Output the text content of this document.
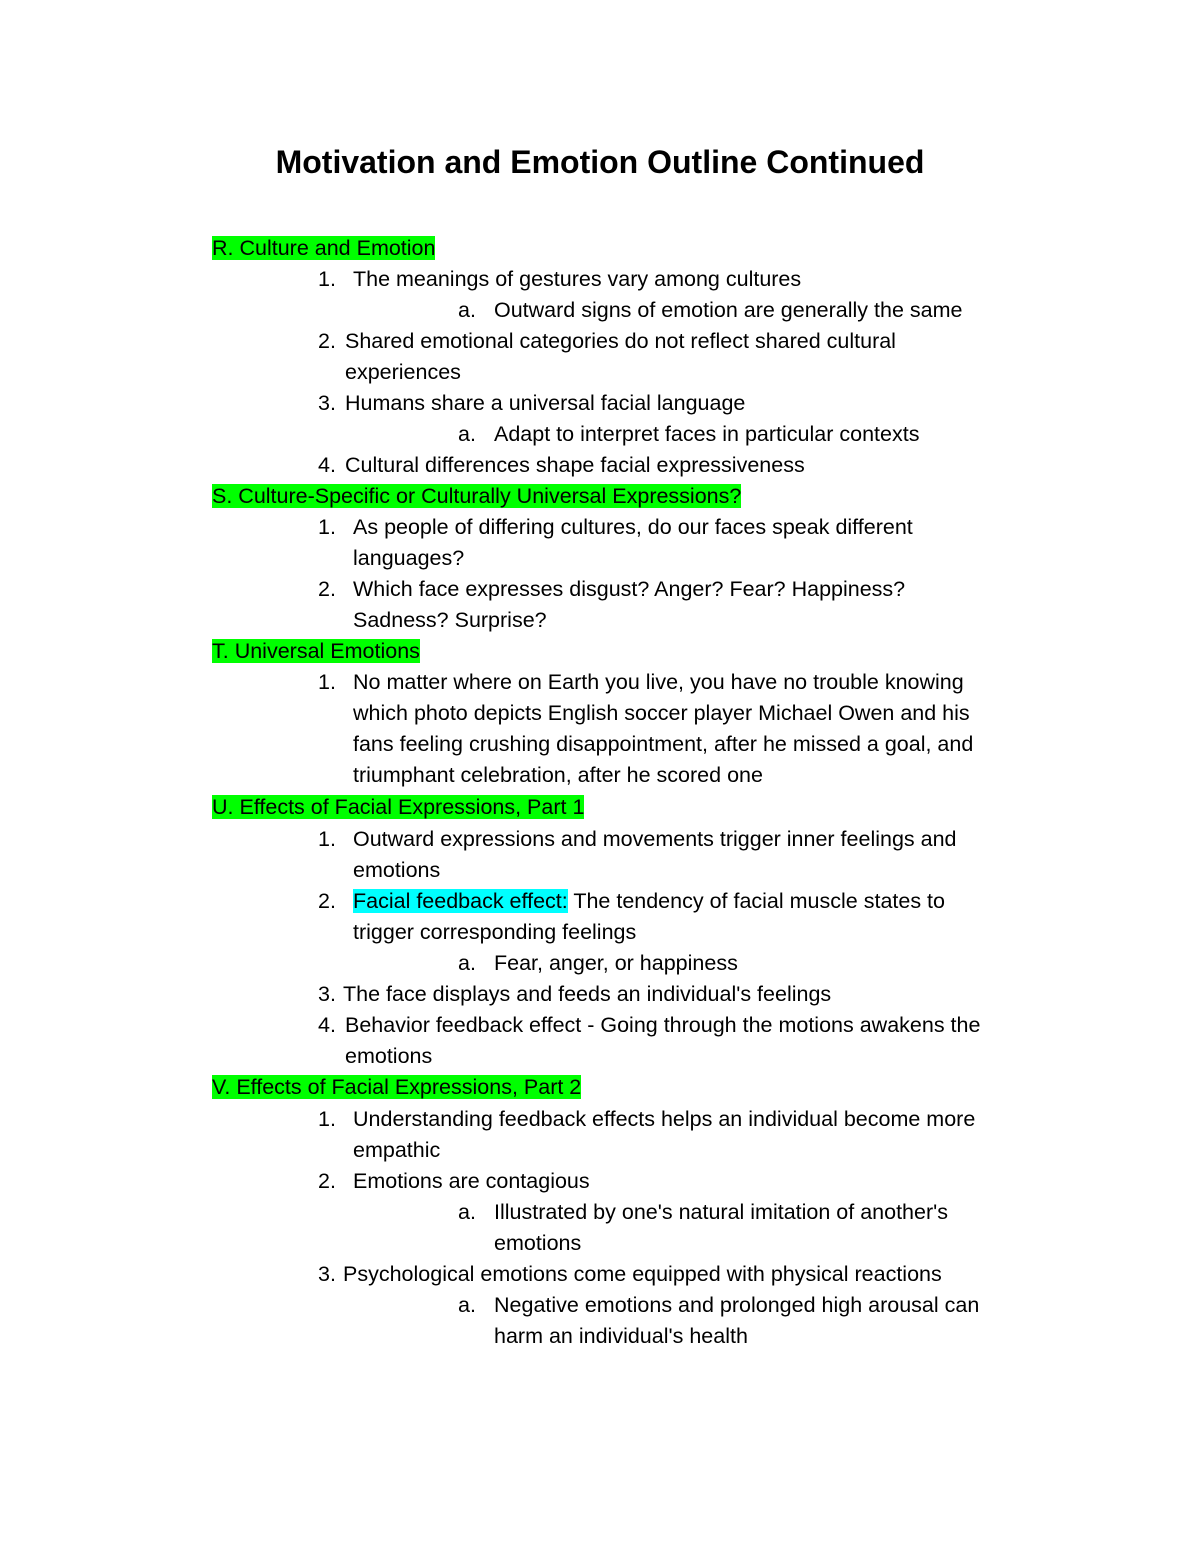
Motivation and Emotion Outline Continued
R. Culture and Emotion
1. The meanings of gestures vary among cultures
a. Outward signs of emotion are generally the same
2. Shared emotional categories do not reflect shared cultural
experiences
3. Humans share a universal facial language
a. Adapt to interpret faces in particular contexts
4. Cultural differences shape facial expressiveness
S. Culture-Specific or Culturally Universal Expressions?
1. As people of differing cultures, do our faces speak different
languages?
2. Which face expresses disgust? Anger? Fear? Happiness?
Sadness? Surprise?
T. Universal Emotions
1. No matter where on Earth you live, you have no trouble knowing
which photo depicts English soccer player Michael Owen and his
fans feeling crushing disappointment, after he missed a goal, and
triumphant celebration, after he scored one
U. Effects of Facial Expressions, Part 1
1. Outward expressions and movements trigger inner feelings and
emotions
2. Facial feedback effect: The tendency of facial muscle states to
trigger corresponding feelings
a. Fear, anger, or happiness
3. The face displays and feeds an individual's feelings
4. Behavior feedback effect - Going through the motions awakens the
emotions
V. Effects of Facial Expressions, Part 2
1. Understanding feedback effects helps an individual become more
empathic
2. Emotions are contagious
a. Illustrated by one's natural imitation of another's
emotions
3. Psychological emotions come equipped with physical reactions
a. Negative emotions and prolonged high arousal can
harm an individual's health
